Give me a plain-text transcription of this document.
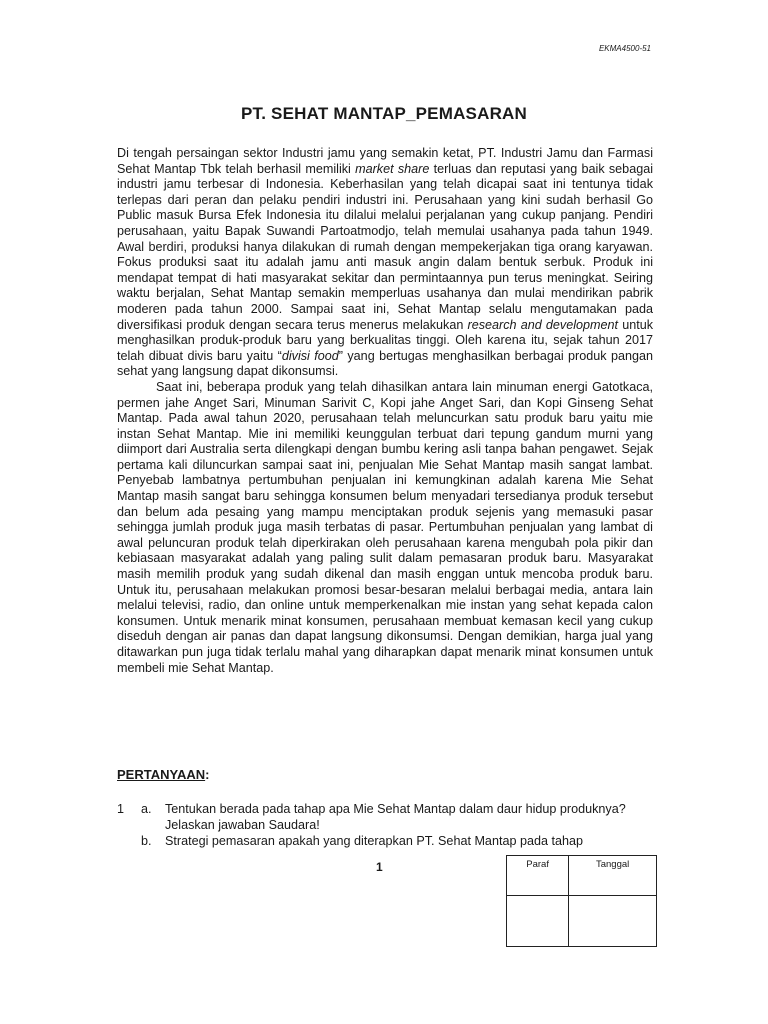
EKMA4500-51
PT. SEHAT MANTAP_PEMASARAN

Di tengah persaingan sektor Industri jamu yang semakin ketat, PT. Industri Jamu dan Farmasi Sehat Mantap Tbk telah berhasil memiliki market share terluas dan reputasi yang baik sebagai industri jamu terbesar di Indonesia. Keberhasilan yang telah dicapai saat ini tentunya tidak terlepas dari peran dan pelaku pendiri industri ini. Perusahaan yang kini sudah berhasil Go Public masuk Bursa Efek Indonesia itu dilalui melalui perjalanan yang cukup panjang. Pendiri perusahaan, yaitu Bapak Suwandi Partoatmodjo, telah memulai usahanya pada tahun 1949. Awal berdiri, produksi hanya dilakukan di rumah dengan mempekerjakan tiga orang karyawan. Fokus produksi saat itu adalah jamu anti masuk angin dalam bentuk serbuk. Produk ini mendapat tempat di hati masyarakat sekitar dan permintaannya pun terus meningkat. Seiring waktu berjalan, Sehat Mantap semakin memperluas usahanya dan mulai mendirikan pabrik moderen pada tahun 2000. Sampai saat ini, Sehat Mantap selalu mengutamakan pada diversifikasi produk dengan secara terus menerus melakukan research and development untuk menghasilkan produk-produk baru yang berkualitas tinggi. Oleh karena itu, sejak tahun 2017 telah dibuat divis baru yaitu “divisi food” yang bertugas menghasilkan berbagai produk pangan sehat yang langsung dapat dikonsumsi.

Saat ini, beberapa produk yang telah dihasilkan antara lain minuman energi Gatotkaca, permen jahe Anget Sari, Minuman Sarivit C, Kopi jahe Anget Sari, dan Kopi Ginseng Sehat Mantap. Pada awal tahun 2020, perusahaan telah meluncurkan satu produk baru yaitu mie instan Sehat Mantap. Mie ini memiliki keunggulan terbuat dari tepung gandum murni yang diimport dari Australia serta dilengkapi dengan bumbu kering asli tanpa bahan pengawet. Sejak pertama kali diluncurkan sampai saat ini, penjualan Mie Sehat Mantap masih sangat lambat. Penyebab lambatnya pertumbuhan penjualan ini kemungkinan adalah karena Mie Sehat Mantap masih sangat baru sehingga konsumen belum menyadari tersedianya produk tersebut dan belum ada pesaing yang mampu menciptakan produk sejenis yang memasuki pasar sehingga jumlah produk juga masih terbatas di pasar. Pertumbuhan penjualan yang lambat di awal peluncuran produk telah diperkirakan oleh perusahaan karena mengubah pola pikir dan kebiasaan masyarakat adalah yang paling sulit dalam pemasaran produk baru. Masyarakat masih memilih produk yang sudah dikenal dan masih enggan untuk mencoba produk baru. Untuk itu, perusahaan melakukan promosi besar-besaran melalui berbagai media, antara lain melalui televisi, radio, dan online untuk memperkenalkan mie instan yang sehat kepada calon konsumen. Untuk menarik minat konsumen, perusahaan membuat kemasan kecil yang cukup diseduh dengan air panas dan dapat langsung dikonsumsi. Dengan demikian, harga jual yang ditawarkan pun juga tidak terlalu mahal yang diharapkan dapat menarik minat konsumen untuk membeli mie Sehat Mantap.

PERTANYAAN:
1	a.	Tentukan berada pada tahap apa Mie Sehat Mantap dalam daur hidup produknya? Jelaskan jawaban Saudara!
b.	Strategi pemasaran apakah yang diterapkan PT. Sehat Mantap pada tahap
1	Paraf	Tanggal
